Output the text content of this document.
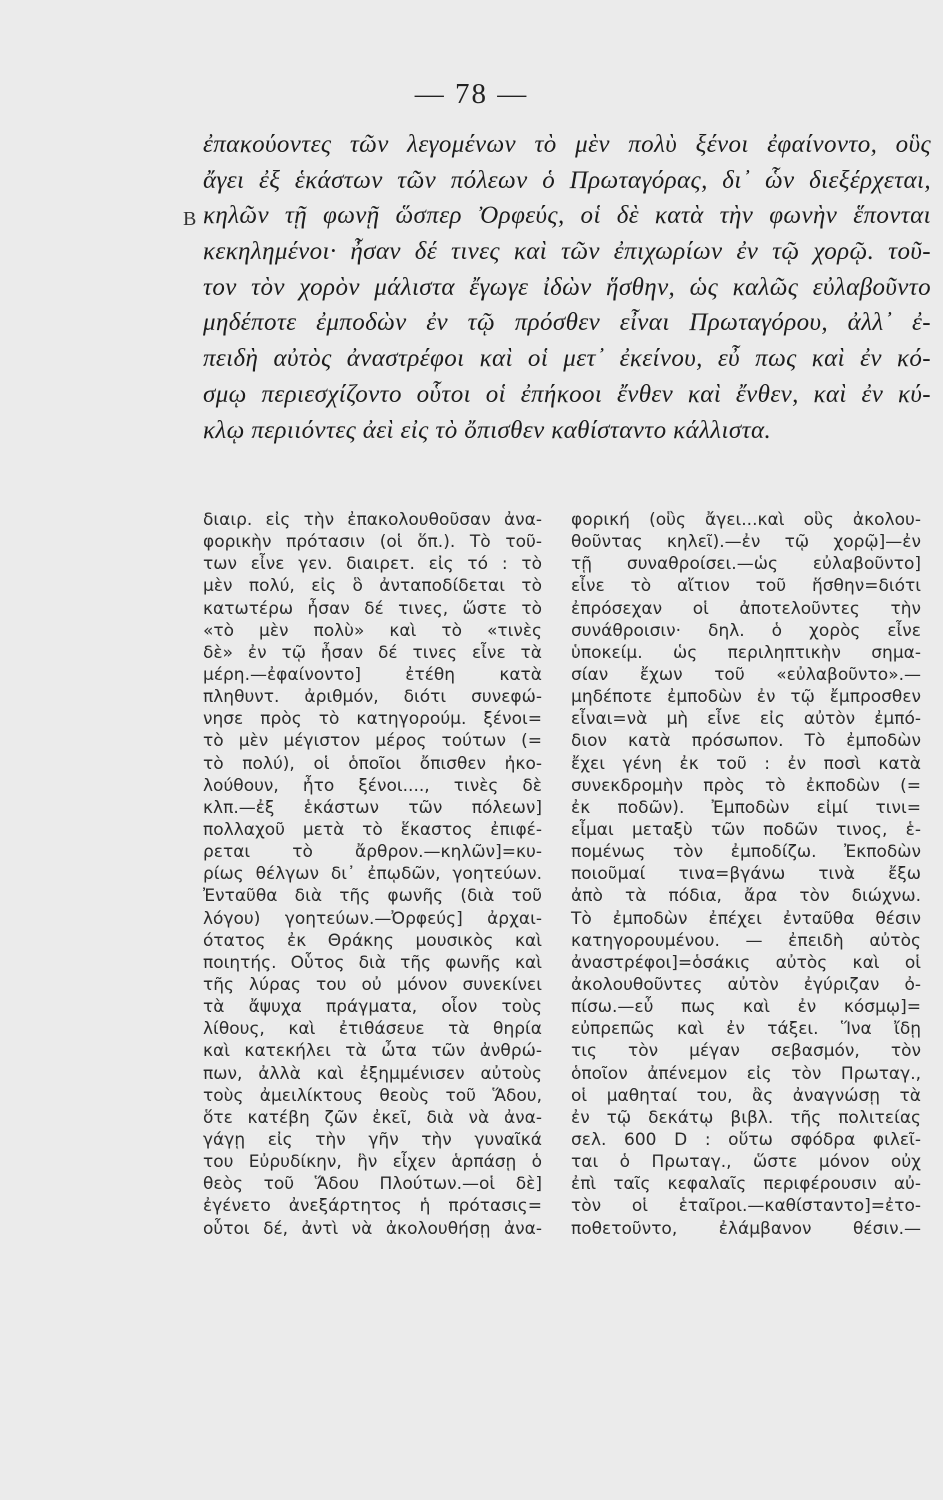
— 78 —
B
ἐπακούοντες τῶν λεγομένων τὸ μὲν πολὺ ξένοι ἐφαίνοντο, οὓς
ἄγει ἐξ ἑκάστων τῶν πόλεων ὁ Πρωταγόρας, δι᾽ ὧν διεξέρχεται,
κηλῶν τῇ φωνῇ ὥσπερ Ὀρφεύς, οἱ δὲ κατὰ τὴν φωνὴν ἕπονται
κεκηλημένοι· ἦσαν δέ τινες καὶ τῶν ἐπιχωρίων ἐν τῷ χορῷ. τοῦ-
τον τὸν χορὸν μάλιστα ἔγωγε ἰδὼν ἥσθην, ὡς καλῶς εὐλαβοῦντο
μηδέποτε ἐμποδὼν ἐν τῷ πρόσθεν εἶναι Πρωταγόρου, ἀλλ᾽ ἐ-
πειδὴ αὐτὸς ἀναστρέφοι καὶ οἱ μετ᾽ ἐκείνου, εὖ πως καὶ ἐν κό-
σμῳ περιεσχίζοντο οὗτοι οἱ ἐπήκοοι ἔνθεν καὶ ἔνθεν, καὶ ἐν κύ-
κλῳ περιιόντες ἀεὶ εἰς τὸ ὄπισθεν καθίσταντο κάλλιστα.
διαιρ. εἰς τὴν ἐπακολουθοῦσαν ἀνα-
φορικὴν πρότασιν (οἱ ὅπ.). Τὸ τοῦ-
των εἶνε γεν. διαιρετ. εἰς τό : τὸ
μὲν πολύ, εἰς ὃ ἀνταποδίδεται τὸ
κατωτέρω ἦσαν δέ τινες, ὥστε τὸ
«τὸ μὲν πολὺ» καὶ τὸ «τινὲς
δὲ» ἐν τῷ ἦσαν δέ τινες εἶνε τὰ
μέρη.—ἐφαίνοντο] ἐτέθη κατὰ
πληθυντ. ἀριθμόν, διότι συνεφώ-
νησε πρὸς τὸ κατηγορούμ. ξένοι=
τὸ μὲν μέγιστον μέρος τούτων (=
τὸ πολύ), οἱ ὁποῖοι ὄπισθεν ἠκο-
λούθουν, ἦτο ξένοι...., τινὲς δὲ
κλπ.—ἐξ ἑκάστων τῶν πόλεων]
πολλαχοῦ μετὰ τὸ ἕκαστος ἐπιφέ-
ρεται τὸ ἄρθρον.—κηλῶν]=κυ-
ρίως θέλγων δι᾽ ἐπῳδῶν, γοητεύων.
Ἐνταῦθα διὰ τῆς φωνῆς (διὰ τοῦ
λόγου) γοητεύων.—Ὀρφεύς] ἀρχαι-
ότατος ἐκ Θράκης μουσικὸς καὶ
ποιητής. Οὗτος διὰ τῆς φωνῆς καὶ
τῆς λύρας του οὐ μόνον συνεκίνει
τὰ ἄψυχα πράγματα, οἷον τοὺς
λίθους, καὶ ἐτιθάσευε τὰ θηρία
καὶ κατεκήλει τὰ ὦτα τῶν ἀνθρώ-
πων, ἀλλὰ καὶ ἐξημμένισεν αὐτοὺς
τοὺς ἀμειλίκτους θεοὺς τοῦ Ἅδου,
ὅτε κατέβη ζῶν ἐκεῖ, διὰ νὰ ἀνα-
γάγῃ εἰς τὴν γῆν τὴν γυναῖκά
του Εὐρυδίκην, ἣν εἶχεν ἁρπάσῃ ὁ
θεὸς τοῦ Ἅδου Πλούτων.—οἱ δὲ]
ἐγένετο ἀνεξάρτητος ἡ πρότασις=
οὗτοι δέ, ἀντὶ νὰ ἀκολουθήσῃ ἀνα-
φορική (οὓς ἄγει...καὶ οὓς ἀκολου-
θοῦντας κηλεῖ).—ἐν τῷ χορῷ]—ἐν
τῇ συναθροίσει.—ὡς εὐλαβοῦντο]
εἶνε τὸ αἴτιον τοῦ ἥσθην=διότι
ἐπρόσεχαν οἱ ἀποτελοῦντες τὴν
συνάθροισιν· δηλ. ὁ χορὸς εἶνε
ὑποκείμ. ὡς περιληπτικὴν σημα-
σίαν ἔχων τοῦ «εὐλαβοῦντο».—
μηδέποτε ἐμποδὼν ἐν τῷ ἔμπροσθεν
εἶναι=νὰ μὴ εἶνε εἰς αὐτὸν ἐμπό-
διον κατὰ πρόσωπον. Τὸ ἐμποδὼν
ἔχει γένη ἐκ τοῦ : ἐν ποσὶ κατὰ
συνεκδρομὴν πρὸς τὸ ἐκποδὼν (=
ἐκ ποδῶν). Ἐμποδὼν εἰμί τινι=
εἶμαι μεταξὺ τῶν ποδῶν τινος, ἑ-
πομένως τὸν ἐμποδίζω. Ἐκποδὼν
ποιοῦμαί τινα=βγάνω τινὰ ἔξω
ἀπὸ τὰ πόδια, ἄρα τὸν διώχνω.
Τὸ ἐμποδὼν ἐπέχει ἐνταῦθα θέσιν
κατηγορουμένου. — ἐπειδὴ αὐτὸς
ἀναστρέφοι]=ὁσάκις αὐτὸς καὶ οἱ
ἀκολουθοῦντες αὐτὸν ἐγύριζαν ὀ-
πίσω.—εὖ πως καὶ ἐν κόσμῳ]=
εὐπρεπῶς καὶ ἐν τάξει. Ἵνα ἴδῃ
τις τὸν μέγαν σεβασμόν, τὸν
ὁποῖον ἀπένεμον εἰς τὸν Πρωταγ.,
οἱ μαθηταί του, ἂς ἀναγνώσῃ τὰ
ἐν τῷ δεκάτῳ βιβλ. τῆς πολιτείας
σελ. 600 D : οὕτω σφόδρα φιλεῖ-
ται ὁ Πρωταγ., ὥστε μόνον οὐχ
ἐπὶ ταῖς κεφαλαῖς περιφέρουσιν αὐ-
τὸν οἱ ἑταῖροι.—καθίσταντο]=ἐτο-
ποθετοῦντο, ἐλάμβανον θέσιν.—
